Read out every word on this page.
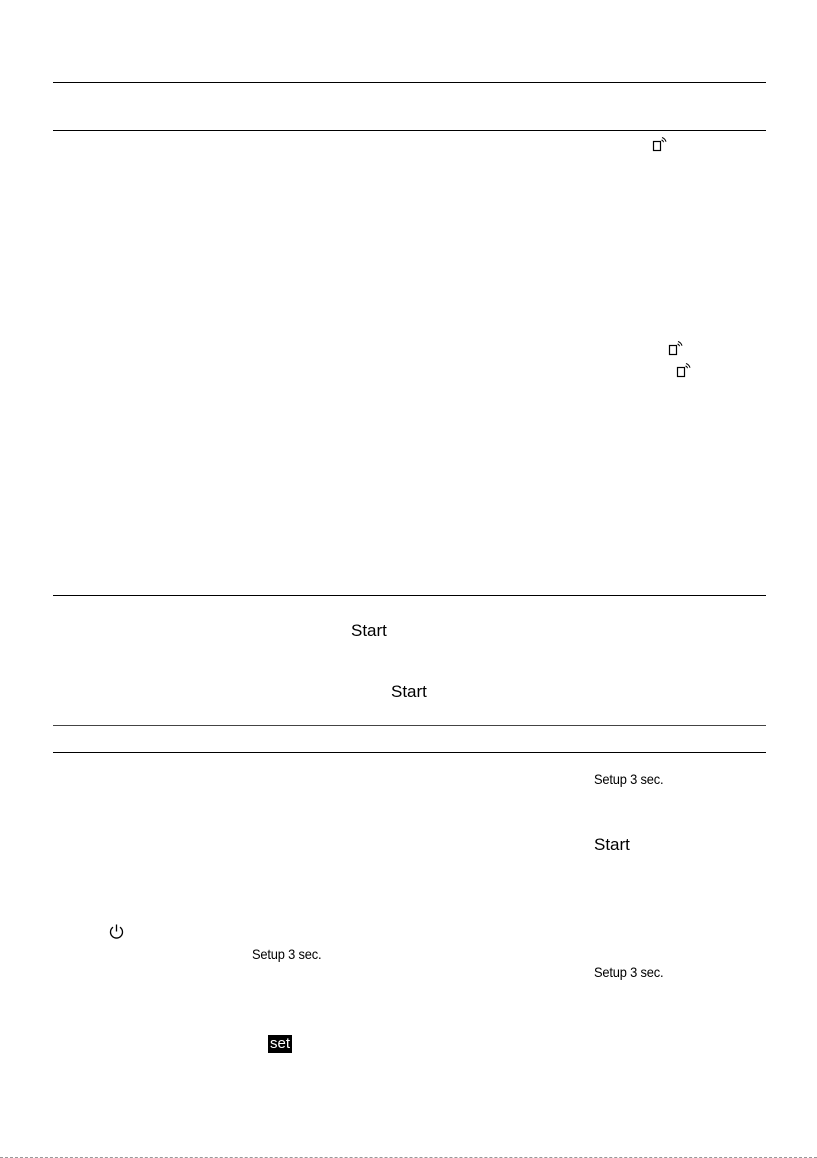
Start
Start
Setup 3 sec.
Start
Setup 3 sec.
Setup 3 sec.
set
